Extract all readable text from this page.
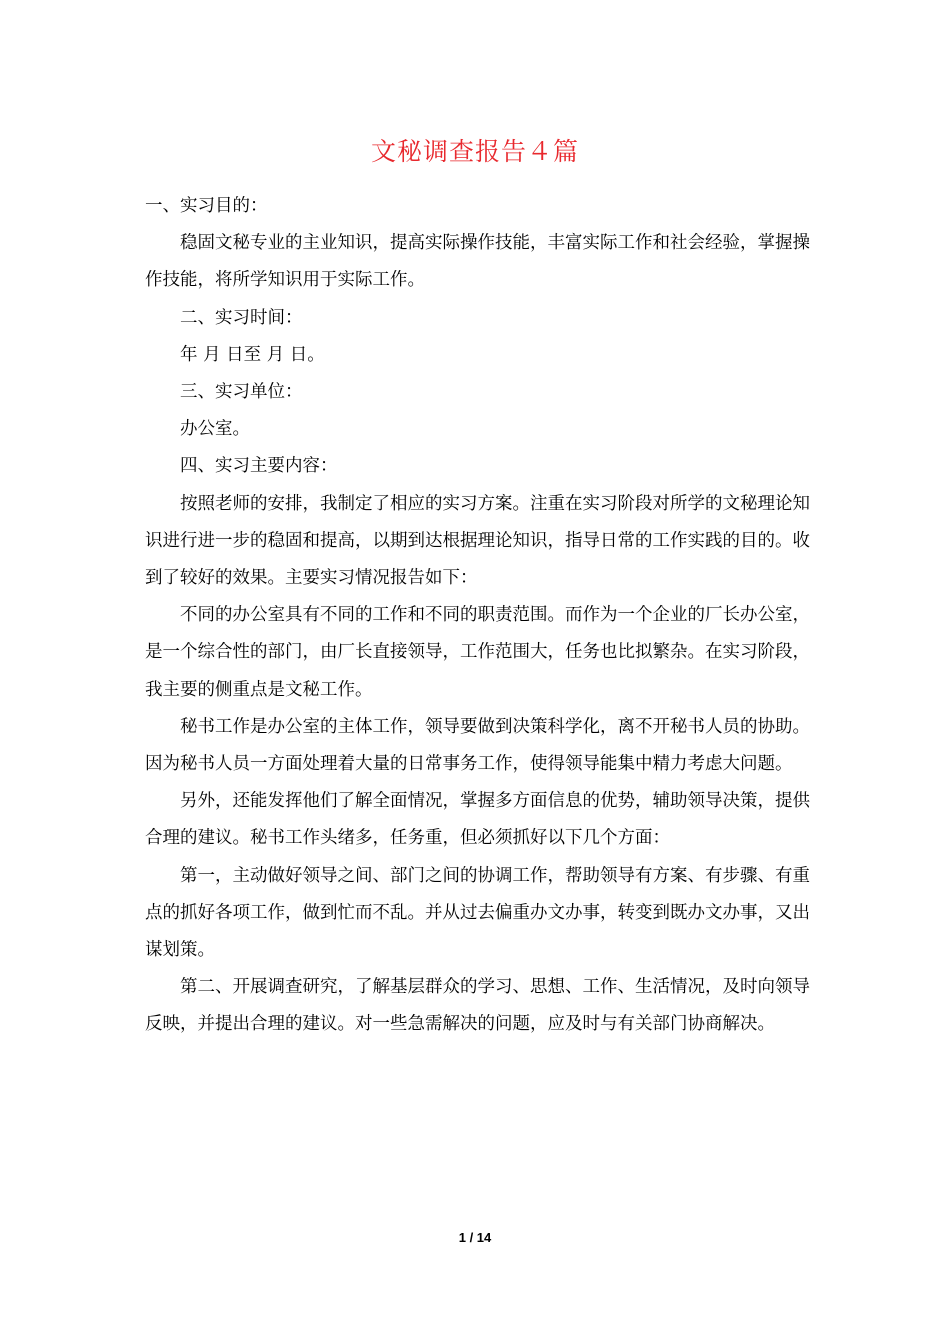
文秘调查报告４篇

一、实习目的：

稳固文秘专业的主业知识，提高实际操作技能，丰富实际工作和社会经验，掌握操作技能，将所学知识用于实际工作。

二、实习时间：

年 月 日至 月 日。

三、实习单位：

办公室。

四、实习主要内容：

按照老师的安排，我制定了相应的实习方案。注重在实习阶段对所学的文秘理论知识进行进一步的稳固和提高，以期到达根据理论知识，指导日常的工作实践的目的。收到了较好的效果。主要实习情况报告如下：

不同的办公室具有不同的工作和不同的职责范围。而作为一个企业的厂长办公室，是一个综合性的部门，由厂长直接领导，工作范围大，任务也比拟繁杂。在实习阶段，我主要的侧重点是文秘工作。

秘书工作是办公室的主体工作，领导要做到决策科学化，离不开秘书人员的协助。因为秘书人员一方面处理着大量的日常事务工作，使得领导能集中精力考虑大问题。

另外，还能发挥他们了解全面情况，掌握多方面信息的优势，辅助领导决策，提供合理的建议。秘书工作头绪多，任务重，但必须抓好以下几个方面：

第一，主动做好领导之间、部门之间的协调工作，帮助领导有方案、有步骤、有重点的抓好各项工作，做到忙而不乱。并从过去偏重办文办事，转变到既办文办事，又出谋划策。

第二、开展调查研究，了解基层群众的学习、思想、工作、生活情况，及时向领导反映，并提出合理的建议。对一些急需解决的问题，应及时与有关部门协商解决。

1 / 14
